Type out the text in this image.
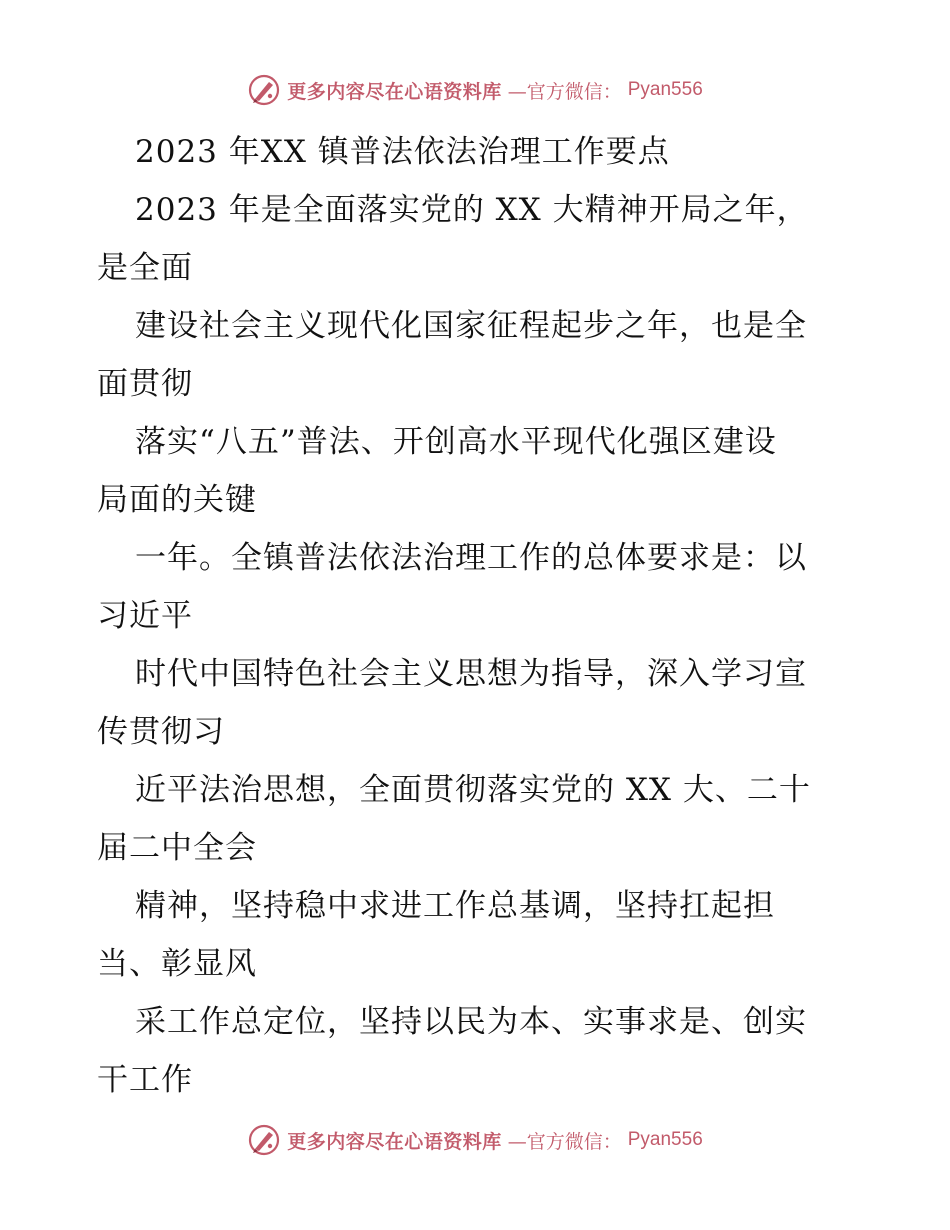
更多内容尽在心语资料库 —官方微信： Pyan556
2023 年XX 镇普法依法治理工作要点
2023 年是全面落实党的 XX 大精神开局之年，
是全面
建设社会主义现代化国家征程起步之年，也是全
面贯彻
落实“八五”普法、开创高水平现代化强区建设
局面的关键
一年。全镇普法依法治理工作的总体要求是：以
习近平
时代中国特色社会主义思想为指导，深入学习宣
传贯彻习
近平法治思想，全面贯彻落实党的 XX 大、二十
届二中全会
精神，坚持稳中求进工作总基调，坚持扛起担
当、彰显风
采工作总定位，坚持以民为本、实事求是、创实
干工作
更多内容尽在心语资料库 —官方微信： Pyan556
